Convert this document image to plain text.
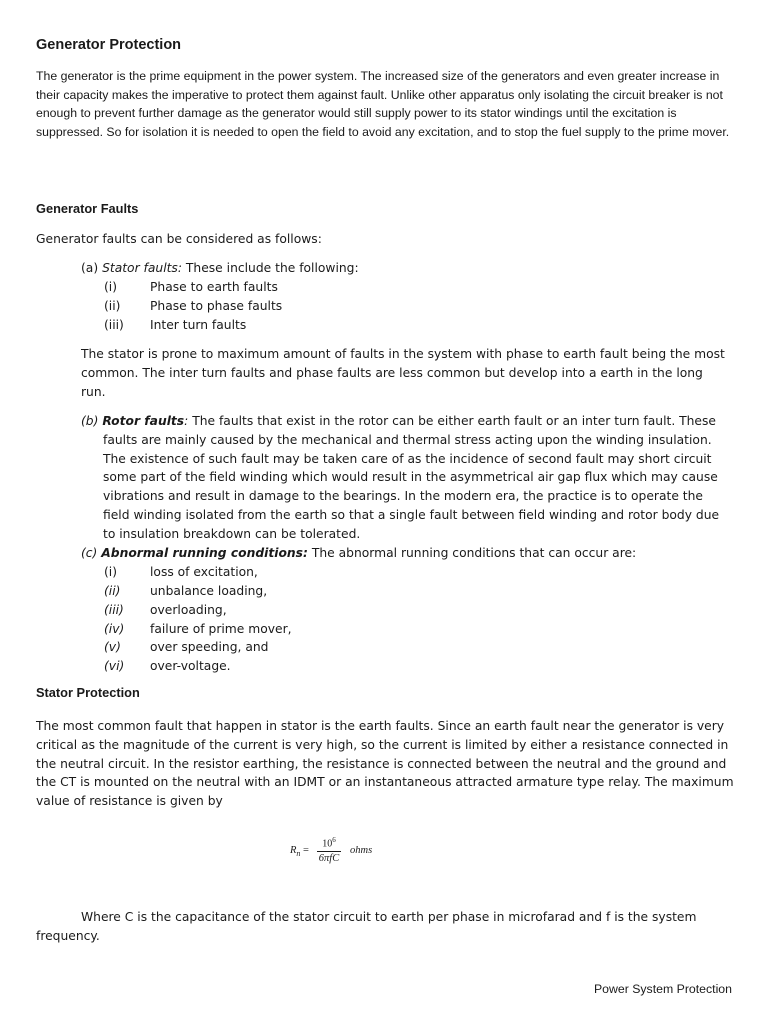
Generator Protection

The generator is the prime equipment in the power system. The increased size of the generators and even greater increase in their capacity makes the imperative to protect them against fault. Unlike other apparatus only isolating the circuit breaker is not enough to prevent further damage as the generator would still supply power to its stator windings until the excitation is suppressed. So for isolation it is needed to open the field to avoid any excitation, and to stop the fuel supply to the prime mover.

Generator Faults

Generator faults can be considered as follows:

(a) Stator faults: These include the following:

(i)	Phase to earth faults
(ii) Phase to phase faults
(iii) Inter turn faults

The stator is prone to maximum amount of faults in the system with phase to earth fault being the most common. The inter turn faults and phase faults are less common but develop into a earth in the long run.

(b) Rotor faults: The faults that exist in the rotor can be either earth fault or an inter turn fault. These faults are mainly caused by the mechanical and thermal stress acting upon the winding insulation. The existence of such fault may be taken care of as the incidence of second fault may short circuit some part of the field winding which would result in the asymmetrical air gap flux which may cause vibrations and result in damage to the bearings. In the modern era, the practice is to operate the field winding isolated from the earth so that a single fault between field winding and rotor body due to insulation breakdown can be tolerated.

(c) Abnormal running conditions: The abnormal running conditions that can occur are:

(i)	loss of excitation,
(ii) unbalance loading,
(iii) overloading,
(iv) failure of prime mover,
(v) over speeding, and
(vi) over-voltage.
Stator Protection

The most common fault that happen in stator is the earth faults. Since an earth fault near the generator is very critical as the magnitude of the current is very high, so the current is limited by either a resistance connected in the neutral circuit. In the resistor earthing, the resistance is connected between the neutral and the ground and the CT is mounted on the neutral with an IDMT or an instantaneous attracted armature type relay. The maximum value of resistance is given by

$R_n$ =
$10^6$
6πfC
ohms

Where C is the capacitance of the stator circuit to earth per phase in microfarad and f is the system frequency.

Power System Protection
